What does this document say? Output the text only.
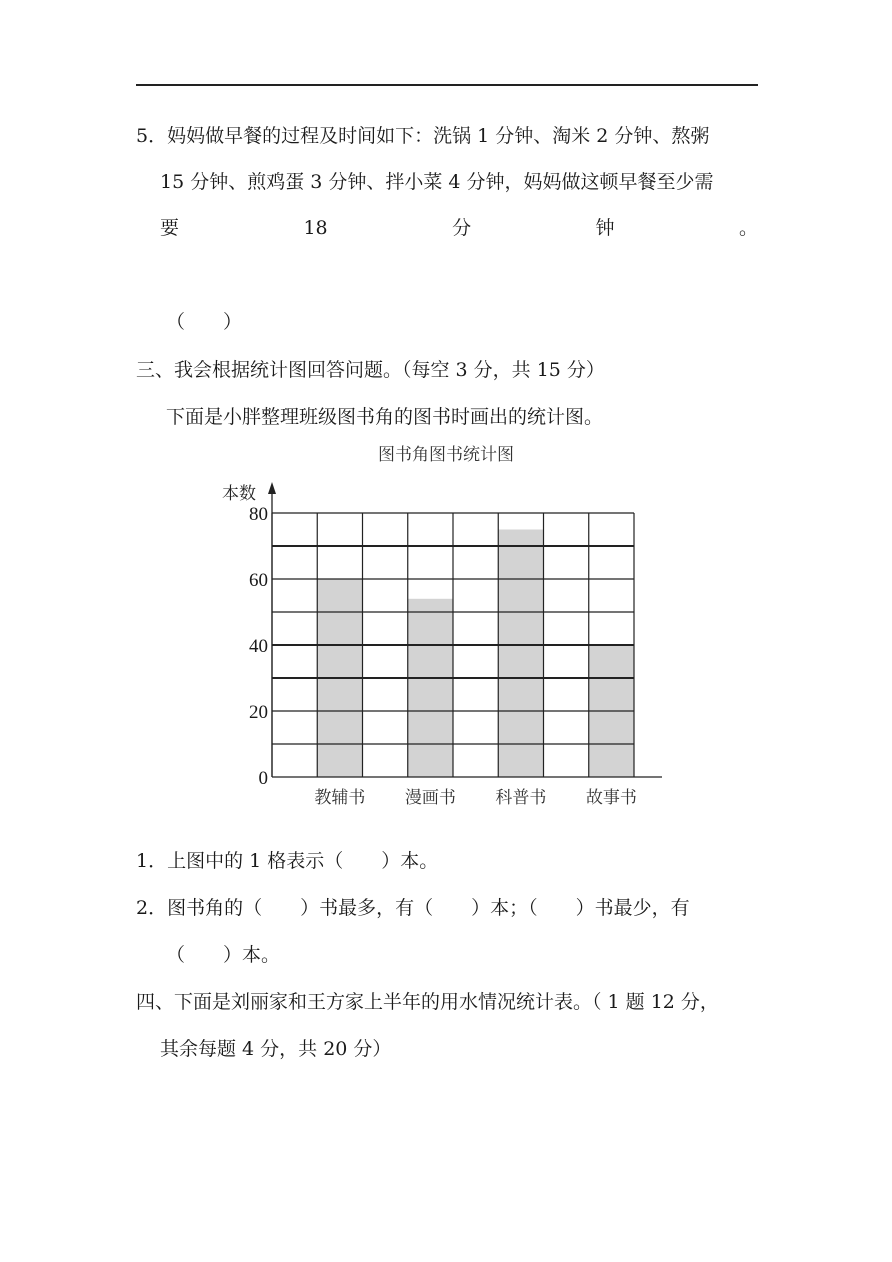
5．妈妈做早餐的过程及时间如下：洗锅 1 分钟、淘米 2 分钟、熬粥
15 分钟、煎鸡蛋 3 分钟、拌小菜 4 分钟，妈妈做这顿早餐至少需
要	18	分	钟	。
（　　）
三、我会根据统计图回答问题。（每空 3 分，共 15 分）
下面是小胖整理班级图书角的图书时画出的统计图。
图书角图书统计图
本数
0
20
40
60
80
教辅书 漫画书 科普书 故事书
1．上图中的 1 格表示（　　）本。
2．图书角的（　　）书最多，有（　　）本；（　　）书最少，有
（　　）本。
四、下面是刘丽家和王方家上半年的用水情况统计表。（ 1 题 12 分，
其余每题 4 分，共 20 分）
